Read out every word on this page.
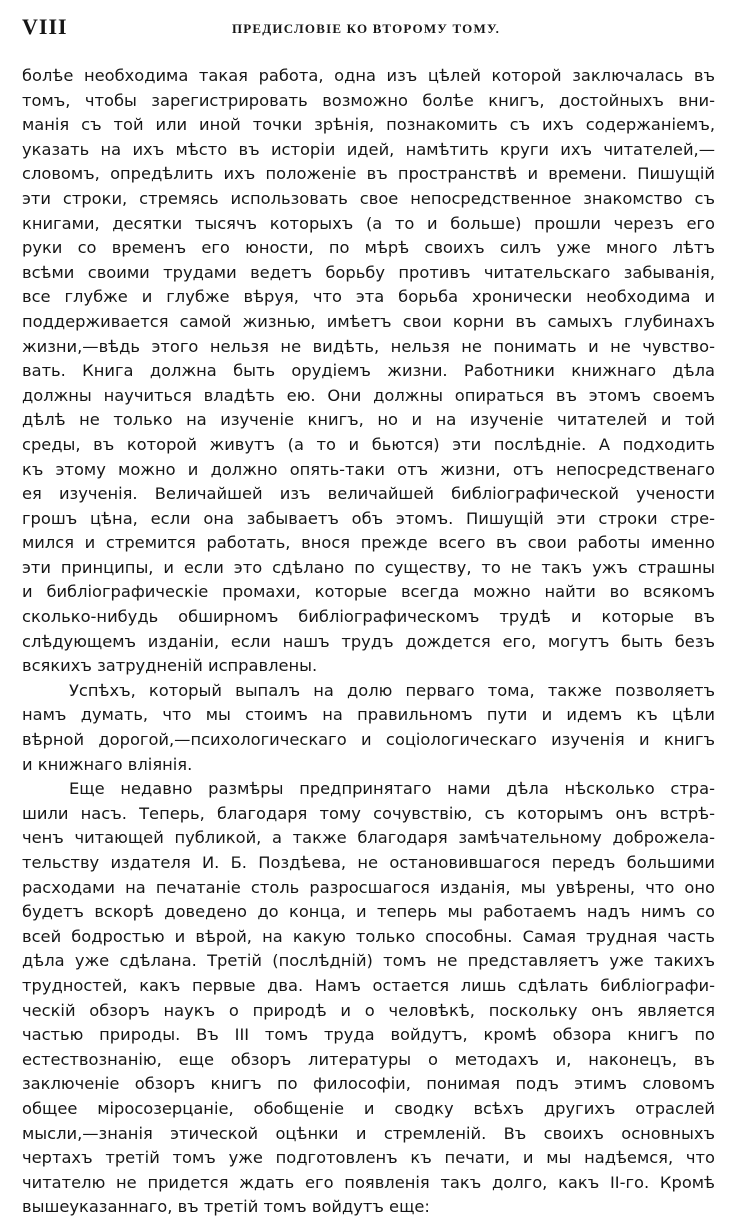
VIII	ПРЕДИСЛОВІЕ КО ВТОРОМУ ТОМУ.
болѣе необходима такая работа, одна изъ цѣлей которой заключалась въ
томъ, чтобы зарегистрировать возможно болѣе книгъ, достойныхъ вни-
манія съ той или иной точки зрѣнія, познакомить съ ихъ содержаніемъ,
указать на ихъ мѣсто въ исторіи идей, намѣтить круги ихъ читателей,—
словомъ, опредѣлить ихъ положеніе въ пространствѣ и времени. Пишущій
эти строки, стремясь использовать свое непосредственное знакомство съ
книгами, десятки тысячъ которыхъ (а то и больше) прошли черезъ его
руки со временъ его юности, по мѣрѣ своихъ силъ уже много лѣтъ
всѣми своими трудами ведетъ борьбу противъ читательскаго забыванія,
все глубже и глубже вѣруя, что эта борьба хронически необходима и
поддерживается самой жизнью, имѣетъ свои корни въ самыхъ глубинахъ
жизни,—вѣдь этого нельзя не видѣть, нельзя не понимать и не чувство-
вать. Книга должна быть орудіемъ жизни. Работники книжнаго дѣла
должны научиться владѣть ею. Они должны опираться въ этомъ своемъ
дѣлѣ не только на изученіе книгъ, но и на изученіе читателей и той
среды, въ которой живутъ (а то и бьются) эти послѣдніе. А подходить
къ этому можно и должно опять-таки отъ жизни, отъ непосредственаго
ея изученія. Величайшей изъ величайшей библіографической учености
грошъ цѣна, если она забываетъ объ этомъ. Пишущій эти строки стре-
мился и стремится работать, внося прежде всего въ свои работы именно
эти принципы, и если это сдѣлано по существу, то не такъ ужъ страшны
и библіографическіе промахи, которые всегда можно найти во всякомъ
сколько-нибудь обширномъ библіографическомъ трудѣ и которые въ
слѣдующемъ изданіи, если нашъ трудъ дождется его, могутъ быть безъ
всякихъ затрудненій исправлены.
Успѣхъ, который выпалъ на долю перваго тома, также позволяетъ
намъ думать, что мы стоимъ на правильномъ пути и идемъ къ цѣли
вѣрной дорогой,—психологическаго и соціологическаго изученія и книгъ
и книжнаго вліянія.
Еще недавно размѣры предпринятаго нами дѣла нѣсколько стра-
шили насъ. Теперь, благодаря тому сочувствію, съ которымъ онъ встрѣ-
ченъ читающей публикой, а также благодаря замѣчательному доброжела-
тельству издателя И. Б. Поздѣева, не остановившагося передъ большими
расходами на печатаніе столь разросшагося изданія, мы увѣрены, что оно
будетъ вскорѣ доведено до конца, и теперь мы работаемъ надъ нимъ со
всей бодростью и вѣрой, на какую только способны. Самая трудная часть
дѣла уже сдѣлана. Третій (послѣдній) томъ не представляетъ уже такихъ
трудностей, какъ первые два. Намъ остается лишь сдѣлать библіографи-
ческій обзоръ наукъ о природѣ и о человѣкѣ, поскольку онъ является
частью природы. Въ III томъ труда войдутъ, кромѣ обзора книгъ по
естествознанію, еще обзоръ литературы о методахъ и, наконецъ, въ
заключеніе обзоръ книгъ по философіи, понимая подъ этимъ словомъ
общее міросозерцаніе, обобщеніе и сводку всѣхъ другихъ отраслей
мысли,—знанія этической оцѣнки и стремленій. Въ своихъ основныхъ
чертахъ третій томъ уже подготовленъ къ печати, и мы надѣемся, что
читателю не придется ждать его появленія такъ долго, какъ II-го. Кромѣ
вышеуказаннаго, въ третій томъ войдутъ еще:
